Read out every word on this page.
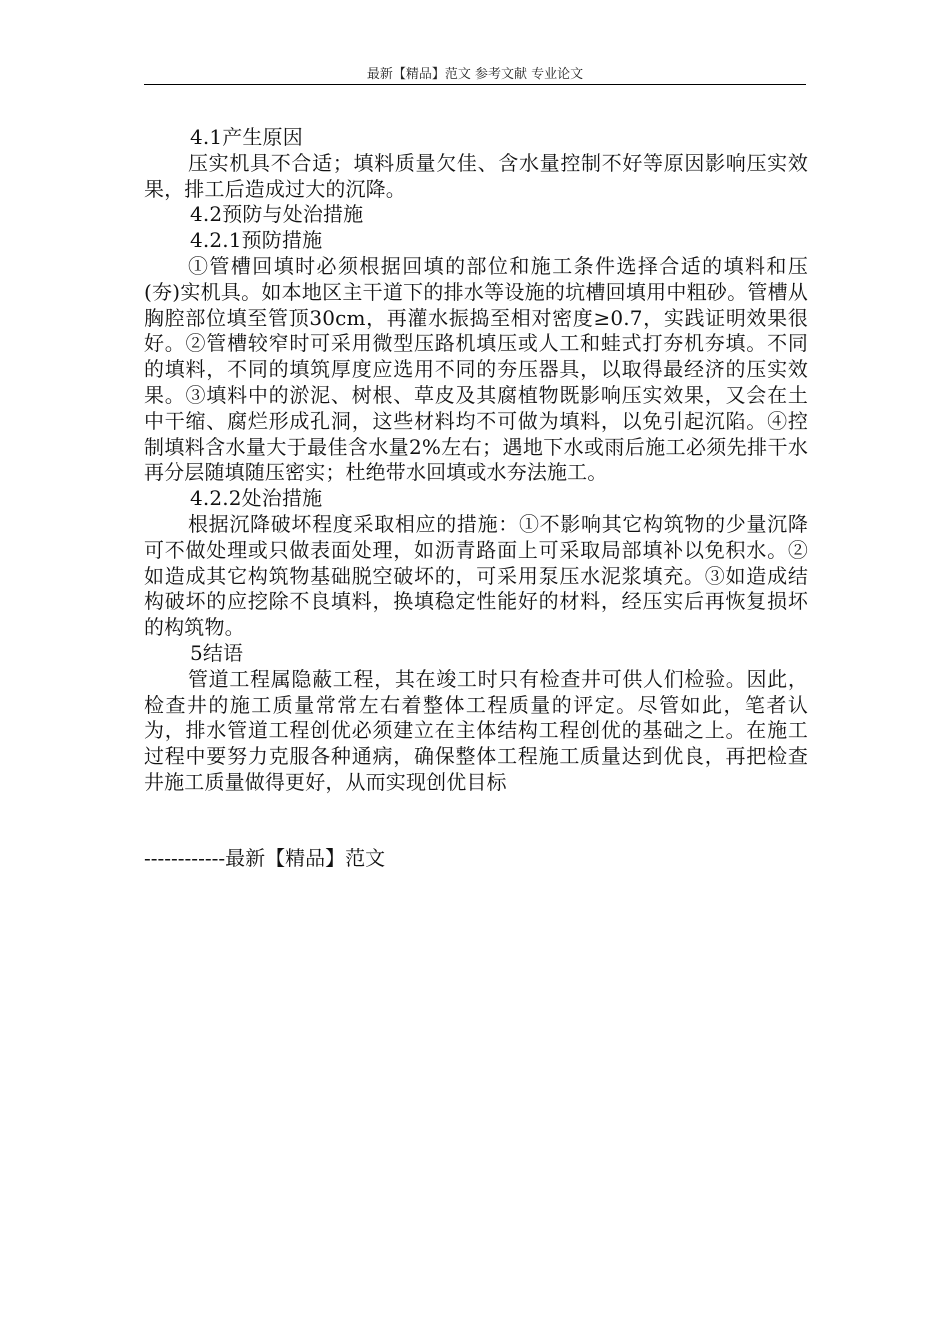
最新【精品】范文 参考文献 专业论文

4.1产生原因

压实机具不合适；填料质量欠佳、含水量控制不好等原因影响压实效果，排工后造成过大的沉降。

4.2预防与处治措施

4.2.1预防措施

①管槽回填时必须根据回填的部位和施工条件选择合适的填料和压(夯)实机具。如本地区主干道下的排水等设施的坑槽回填用中粗砂。管槽从胸腔部位填至管顶30cm，再灌水振捣至相对密度≥0.7，实践证明效果很好。②管槽较窄时可采用微型压路机填压或人工和蛙式打夯机夯填。不同的填料，不同的填筑厚度应选用不同的夯压器具，以取得最经济的压实效果。③填料中的淤泥、树根、草皮及其腐植物既影响压实效果，又会在土中干缩、腐烂形成孔洞，这些材料均不可做为填料，以免引起沉陷。④控制填料含水量大于最佳含水量2%左右；遇地下水或雨后施工必须先排干水再分层随填随压密实；杜绝带水回填或水夯法施工。

4.2.2处治措施

根据沉降破坏程度采取相应的措施：①不影响其它构筑物的少量沉降可不做处理或只做表面处理，如沥青路面上可采取局部填补以免积水。②如造成其它构筑物基础脱空破坏的，可采用泵压水泥浆填充。③如造成结构破坏的应挖除不良填料，换填稳定性能好的材料，经压实后再恢复损坏的构筑物。

5结语

管道工程属隐蔽工程，其在竣工时只有检查井可供人们检验。因此，检查井的施工质量常常左右着整体工程质量的评定。尽管如此，笔者认为，排水管道工程创优必须建立在主体结构工程创优的基础之上。在施工过程中要努力克服各种通病，确保整体工程施工质量达到优良，再把检查井施工质量做得更好，从而实现创优目标

------------最新【精品】范文
